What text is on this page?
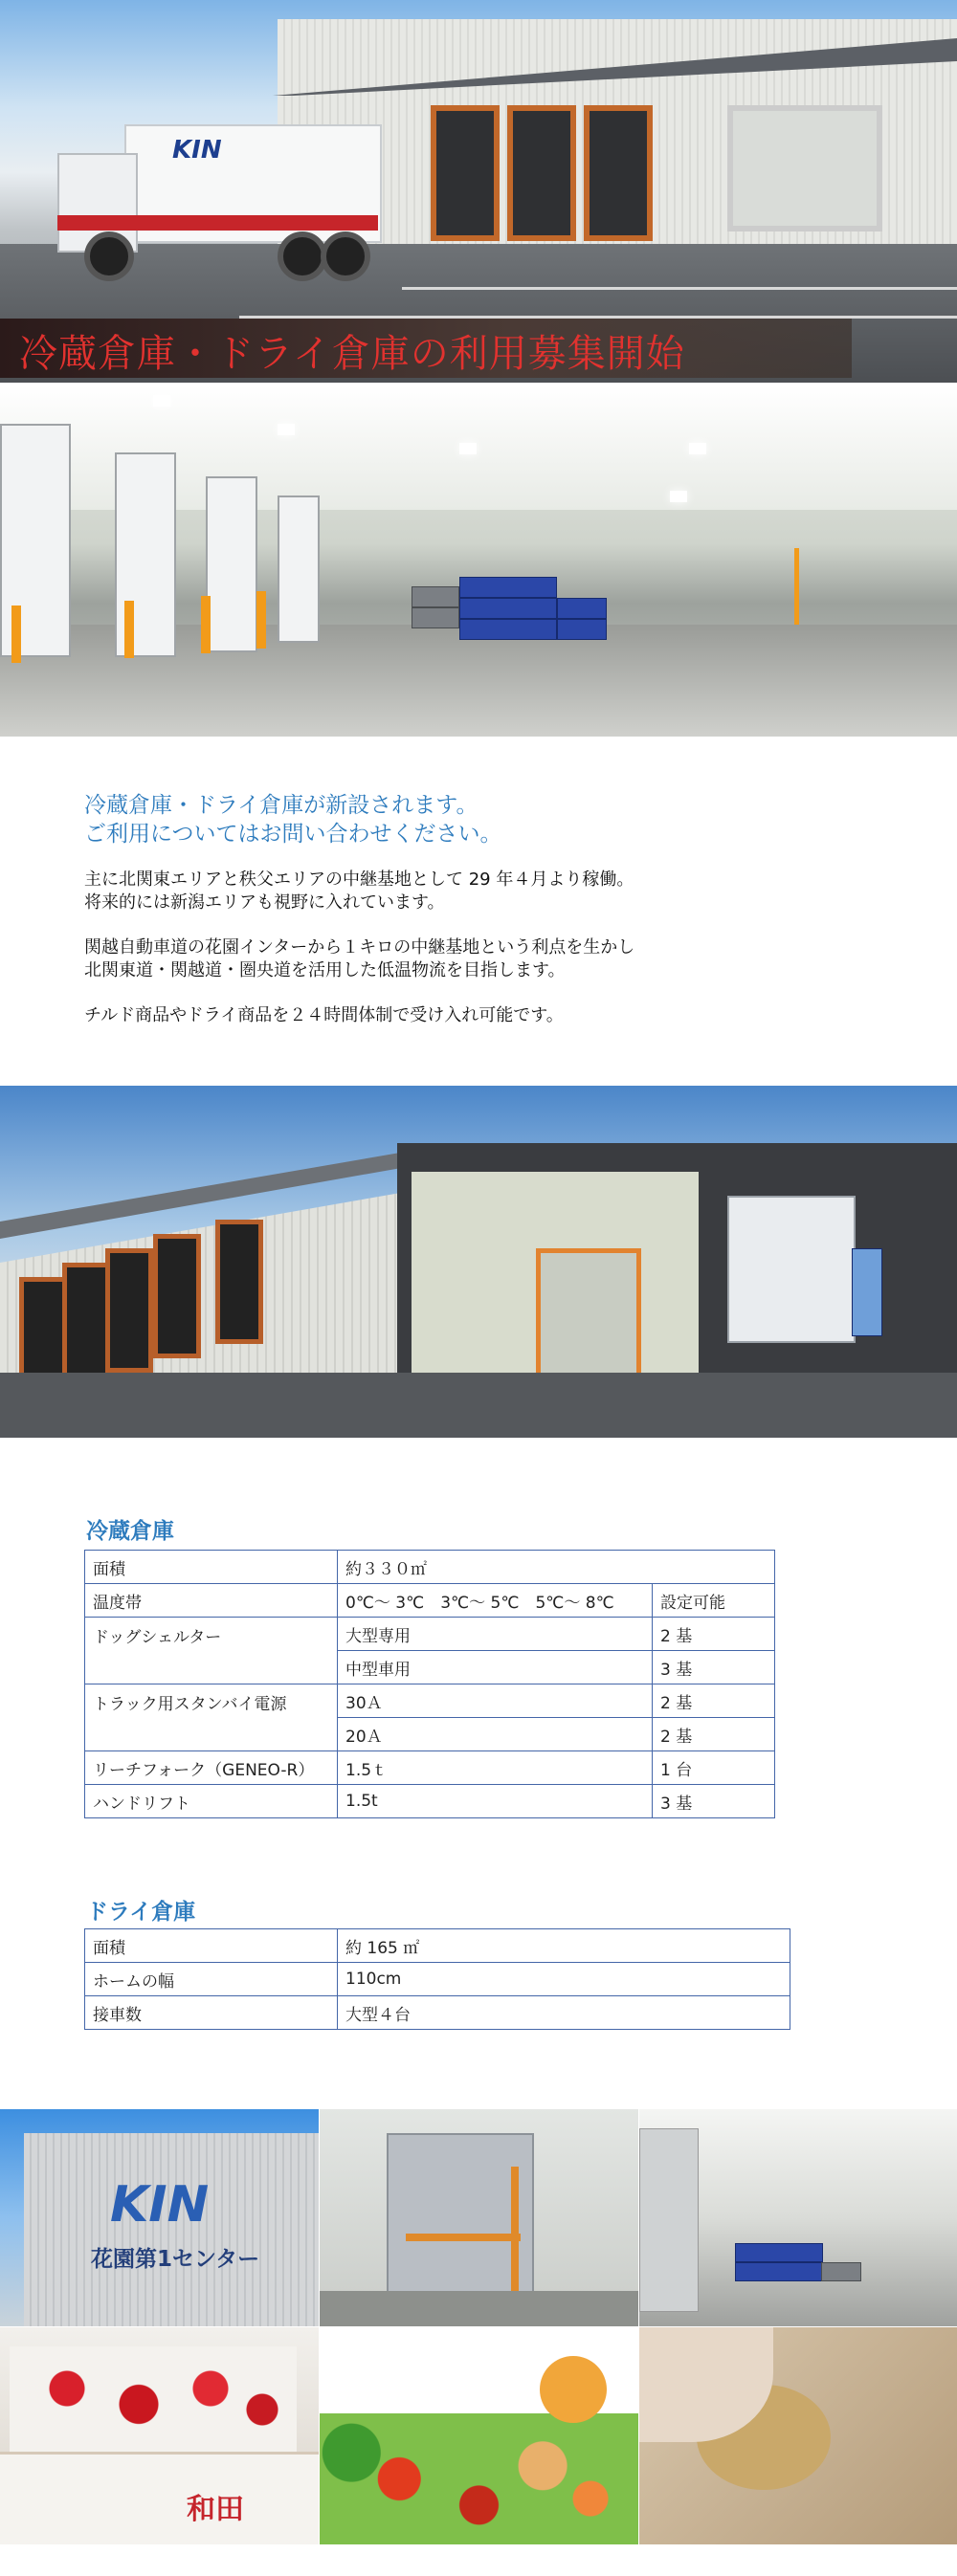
KIN
冷蔵倉庫・ドライ倉庫の利用募集開始
冷蔵倉庫・ドライ倉庫が新設されます。
ご利用についてはお問い合わせください。
主に北関東エリアと秩父エリアの中継基地として 29 年４月より稼働。
将来的には新潟エリアも視野に入れています。
関越自動車道の花園インターから１キロの中継基地という利点を生かし
北関東道・関越道・圏央道を活用した低温物流を目指します。
チルド商品やドライ商品を２４時間体制で受け入れ可能です。
冷蔵倉庫
面積	約３３０㎡	
温度帯	0℃～ 3℃　3℃～ 5℃　5℃～ 8℃	設定可能
ドッグシェルター	大型専用	2 基
	中型車用	3 基
トラック用スタンバイ電源	30Ａ	2 基
	20Ａ	2 基
リーチフォーク（GENEO-R）	1.5ｔ	1 台
ハンドリフト	1.5t	3 基
ドライ倉庫
面積	約 165 ㎡
ホームの幅	110cm
接車数	大型４台
KIN
花園第1センター
和田
